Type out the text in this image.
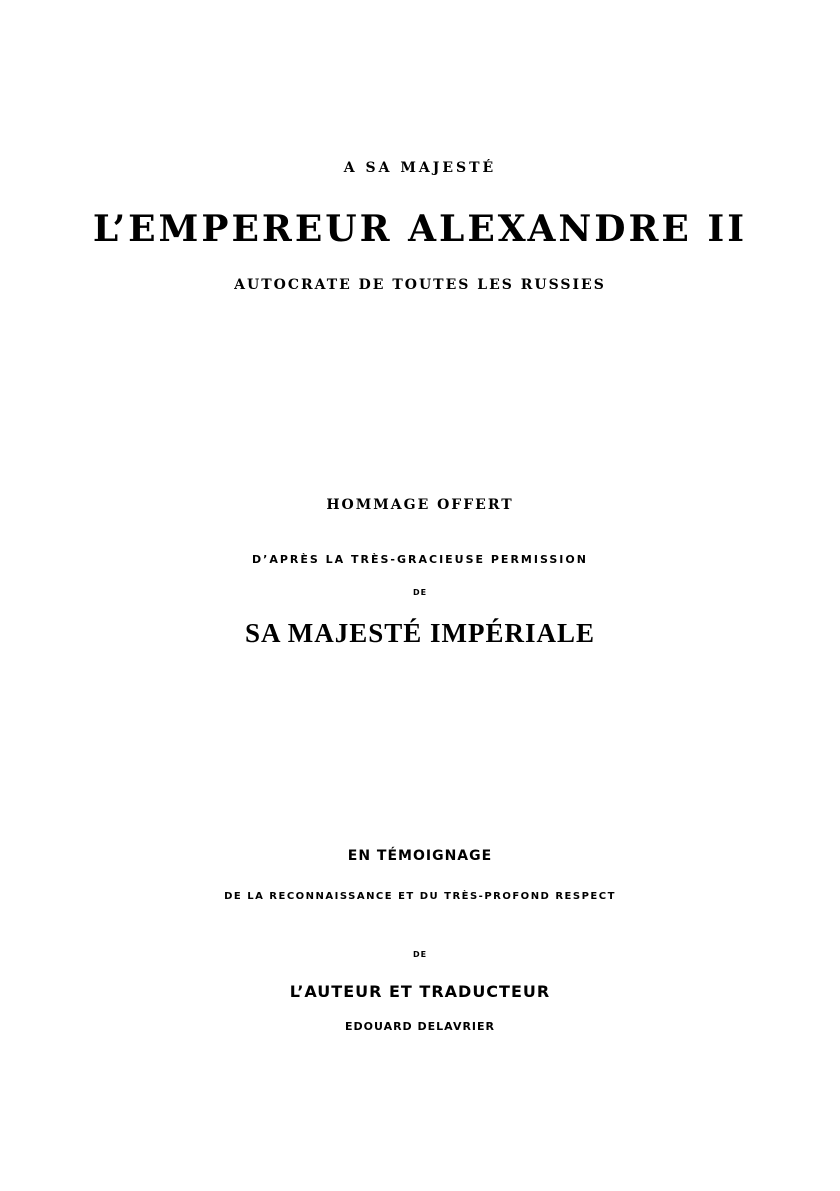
A SA MAJESTÉ
L’EMPEREUR ALEXANDRE II
AUTOCRATE DE TOUTES LES RUSSIES
HOMMAGE OFFERT
D’APRÈS LA TRÈS-GRACIEUSE PERMISSION
DE
SA MAJESTÉ IMPÉRIALE
EN TÉMOIGNAGE
DE LA RECONNAISSANCE ET DU TRÈS-PROFOND RESPECT
DE
L’AUTEUR ET TRADUCTEUR
EDOUARD DELAVRIER
